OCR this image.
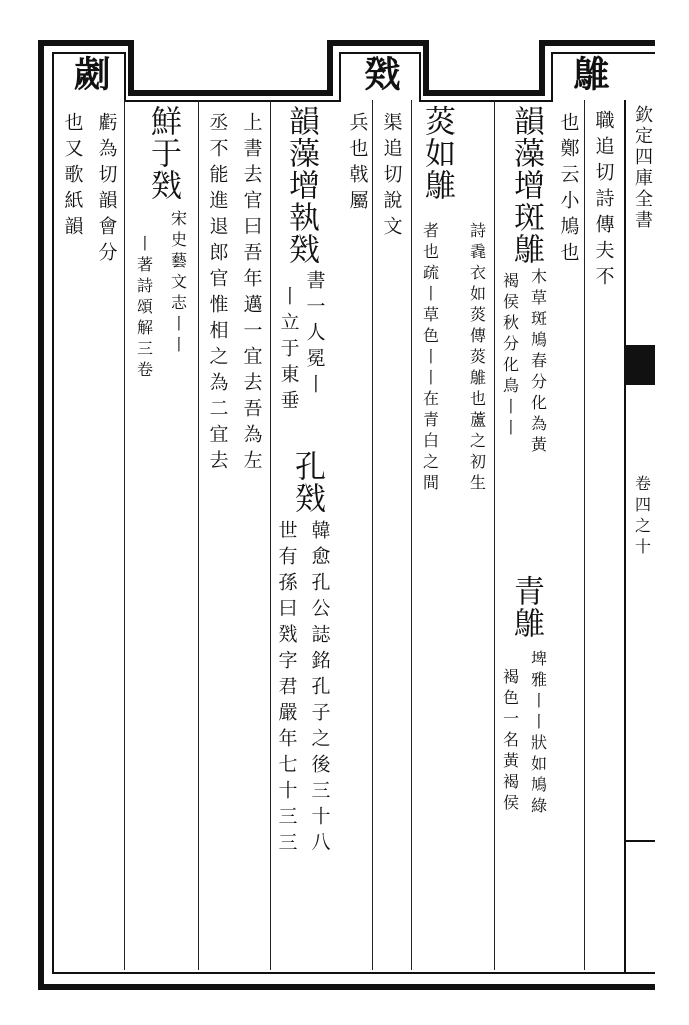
欽定四庫全書
卷四之十
鵻
職追切詩傳夫不
也鄭云小鳩也
韻
藻
增
斑鵻
木草斑鳩春分化為黃
褐侯秋分化鳥丨丨
青鵻
埤雅丨丨狀如鳩綠
褐色一名黃褐侯
菼如鵻
詩毳衣如菼傳菼鵻也蘆之初生
者也疏丨草色丨丨在青白之間
戣
渠追切說文
兵也戟屬
韻
藻
增
執戣
書一人冕丨
丨立于東垂
孔戣
韓愈孔公誌銘孔子之後三十八
世有孫曰戣字君嚴年七十三三
上書去官曰吾年邁一宜去吾為左
丞不能進退郎官惟相之為二宜去
鮮于
戣
宋史藝文志丨丨
丨著詩頌解三卷
劌
虧為切韻會分
也又歌紙韻
